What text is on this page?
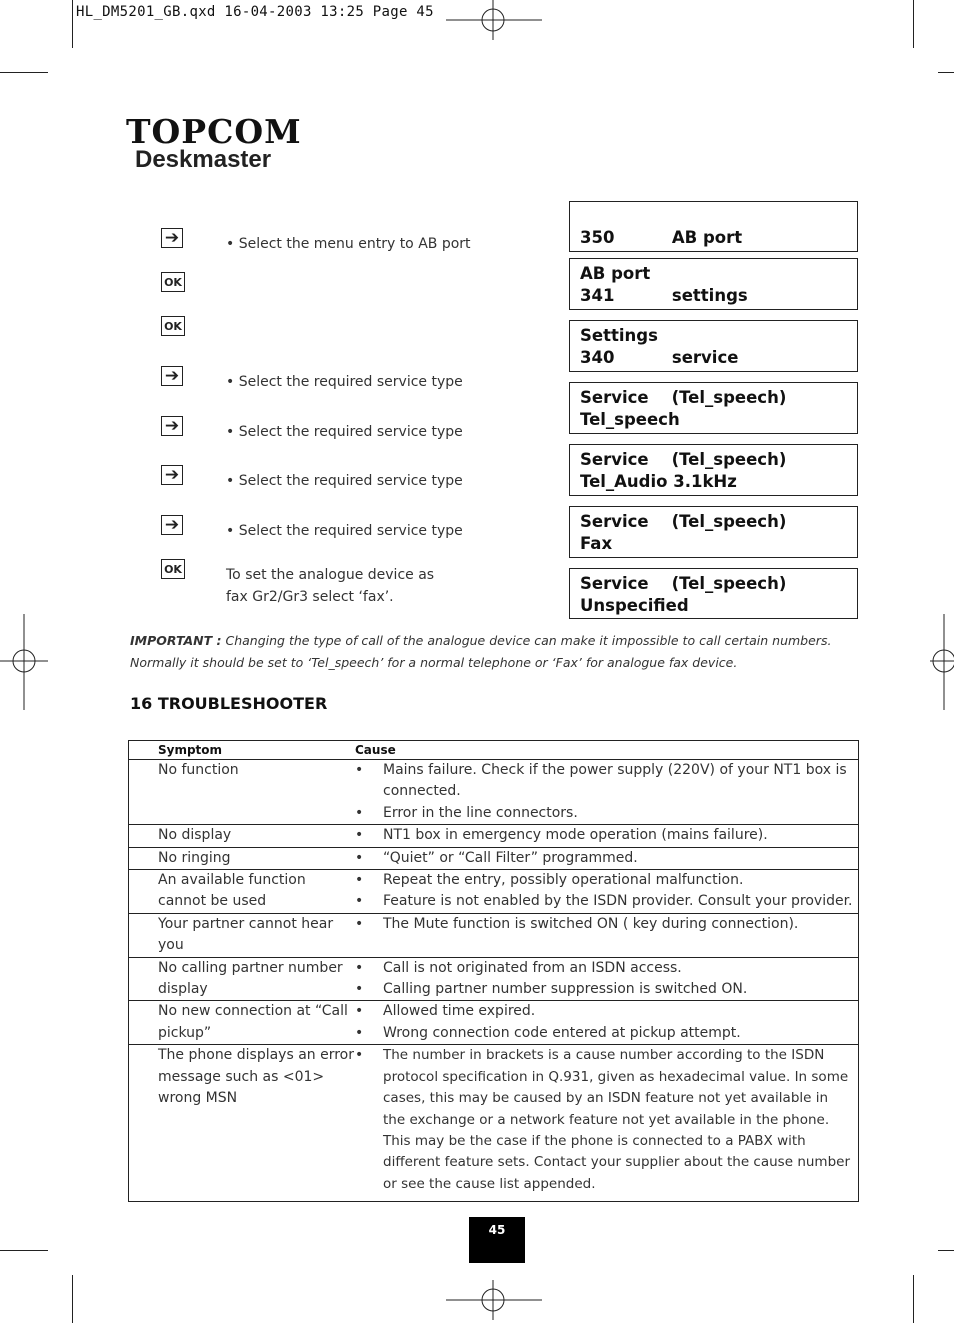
HL_DM5201_GB.qxd 16-04-2003 13:25 Page 45
TOPCOM
Deskmaster
➔
OK
OK
➔
➔
➔
➔
OK
• Select the menu entry to AB port
• Select the required service type
• Select the required service type
• Select the required service type
• Select the required service type
To set the analogue device as
fax Gr2/Gr3 select ‘fax’.
350          AB port
AB port
341          settings
Settings
340          service
Service    (Tel_speech)
Tel_speech
Service    (Tel_speech)
Tel_Audio 3.1kHz
Service    (Tel_speech)
Fax
Service    (Tel_speech)
Unspecified
IMPORTANT : Changing the type of call of the analogue device can make it impossible to call certain numbers. Normally it should be set to ‘Tel_speech’ for a normal telephone or ‘Fax’ for analogue fax device.
16 TROUBLESHOOTER
Symptom	Cause
No function	• Mains failure. Check if the power supply (220V) of your NT1 box is connected.
• Error in the line connectors.

No display	• NT1 box in emergency mode operation (mains failure).

No ringing	• “Quiet” or “Call Filter” programmed.

An available function cannot be used	• Repeat the entry, possibly operational malfunction.
• Feature is not enabled by the ISDN provider. Consult your provider.

Your partner cannot hear you	• The Mute function is switched ON ( key during connection).

No calling partner number display	• Call is not originated from an ISDN access.
• Calling partner number suppression is switched ON.

No new connection at “Call pickup”	• Allowed time expired.
• Wrong connection code entered at pickup attempt.

The phone displays an error message such as <01> wrong MSN	• The number in brackets is a cause number according to the ISDN protocol specification in Q.931, given as hexadecimal value. In some cases, this may be caused by an ISDN feature not yet available in the exchange or a network feature not yet available in the phone. This may be the case if the phone is connected to a PABX with different feature sets. Contact your supplier about the cause number or see the cause list appended.
45
